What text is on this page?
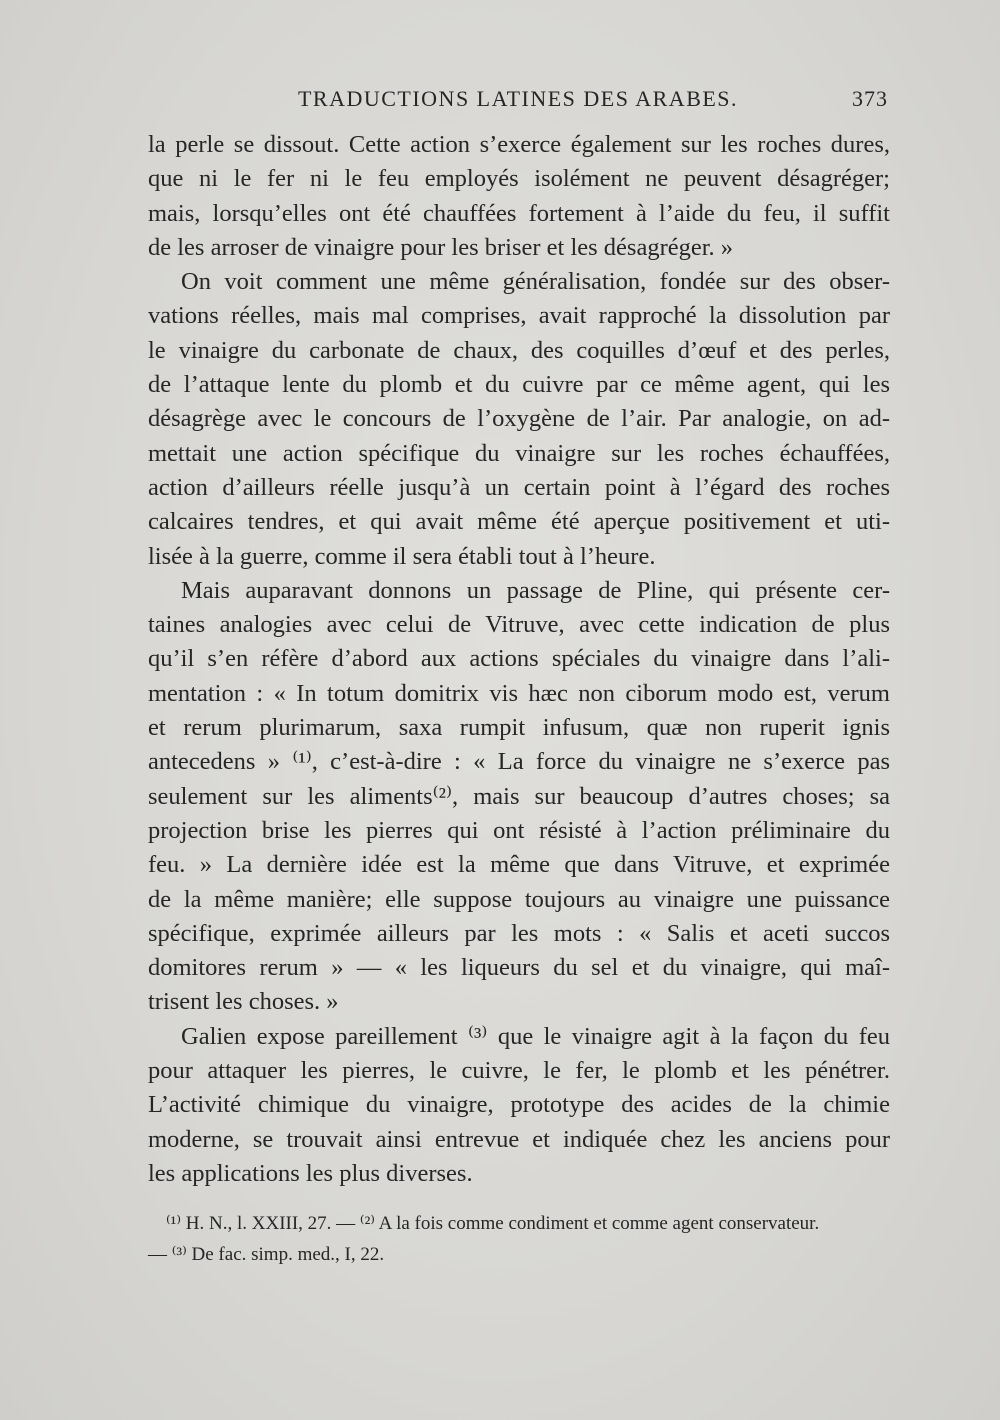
TRADUCTIONS LATINES DES ARABES.	373
la perle se dissout. Cette action s’exerce également sur les roches dures,
que ni le fer ni le feu employés isolément ne peuvent désagréger;
mais, lorsqu’elles ont été chauffées fortement à l’aide du feu, il suffit
de les arroser de vinaigre pour les briser et les désagréger. »
On voit comment une même généralisation, fondée sur des obser-
vations réelles, mais mal comprises, avait rapproché la dissolution par
le vinaigre du carbonate de chaux, des coquilles d’œuf et des perles,
de l’attaque lente du plomb et du cuivre par ce même agent, qui les
désagrège avec le concours de l’oxygène de l’air. Par analogie, on ad-
mettait une action spécifique du vinaigre sur les roches échauffées,
action d’ailleurs réelle jusqu’à un certain point à l’égard des roches
calcaires tendres, et qui avait même été aperçue positivement et uti-
lisée à la guerre, comme il sera établi tout à l’heure.
Mais auparavant donnons un passage de Pline, qui présente cer-
taines analogies avec celui de Vitruve, avec cette indication de plus
qu’il s’en réfère d’abord aux actions spéciales du vinaigre dans l’ali-
mentation : « In totum domitrix vis hæc non ciborum modo est, verum
et rerum plurimarum, saxa rumpit infusum, quæ non ruperit ignis
antecedens » ⁽¹⁾, c’est-à-dire : « La force du vinaigre ne s’exerce pas
seulement sur les aliments⁽²⁾, mais sur beaucoup d’autres choses; sa
projection brise les pierres qui ont résisté à l’action préliminaire du
feu. » La dernière idée est la même que dans Vitruve, et exprimée
de la même manière; elle suppose toujours au vinaigre une puissance
spécifique, exprimée ailleurs par les mots : « Salis et aceti succos
domitores rerum » — « les liqueurs du sel et du vinaigre, qui maî-
trisent les choses. »
Galien expose pareillement ⁽³⁾ que le vinaigre agit à la façon du feu
pour attaquer les pierres, le cuivre, le fer, le plomb et les pénétrer.
L’activité chimique du vinaigre, prototype des acides de la chimie
moderne, se trouvait ainsi entrevue et indiquée chez les anciens pour
les applications les plus diverses.
⁽¹⁾ H. N., l. XXIII, 27. — ⁽²⁾ A la fois comme condiment et comme agent conservateur.
— ⁽³⁾ De fac. simp. med., I, 22.
